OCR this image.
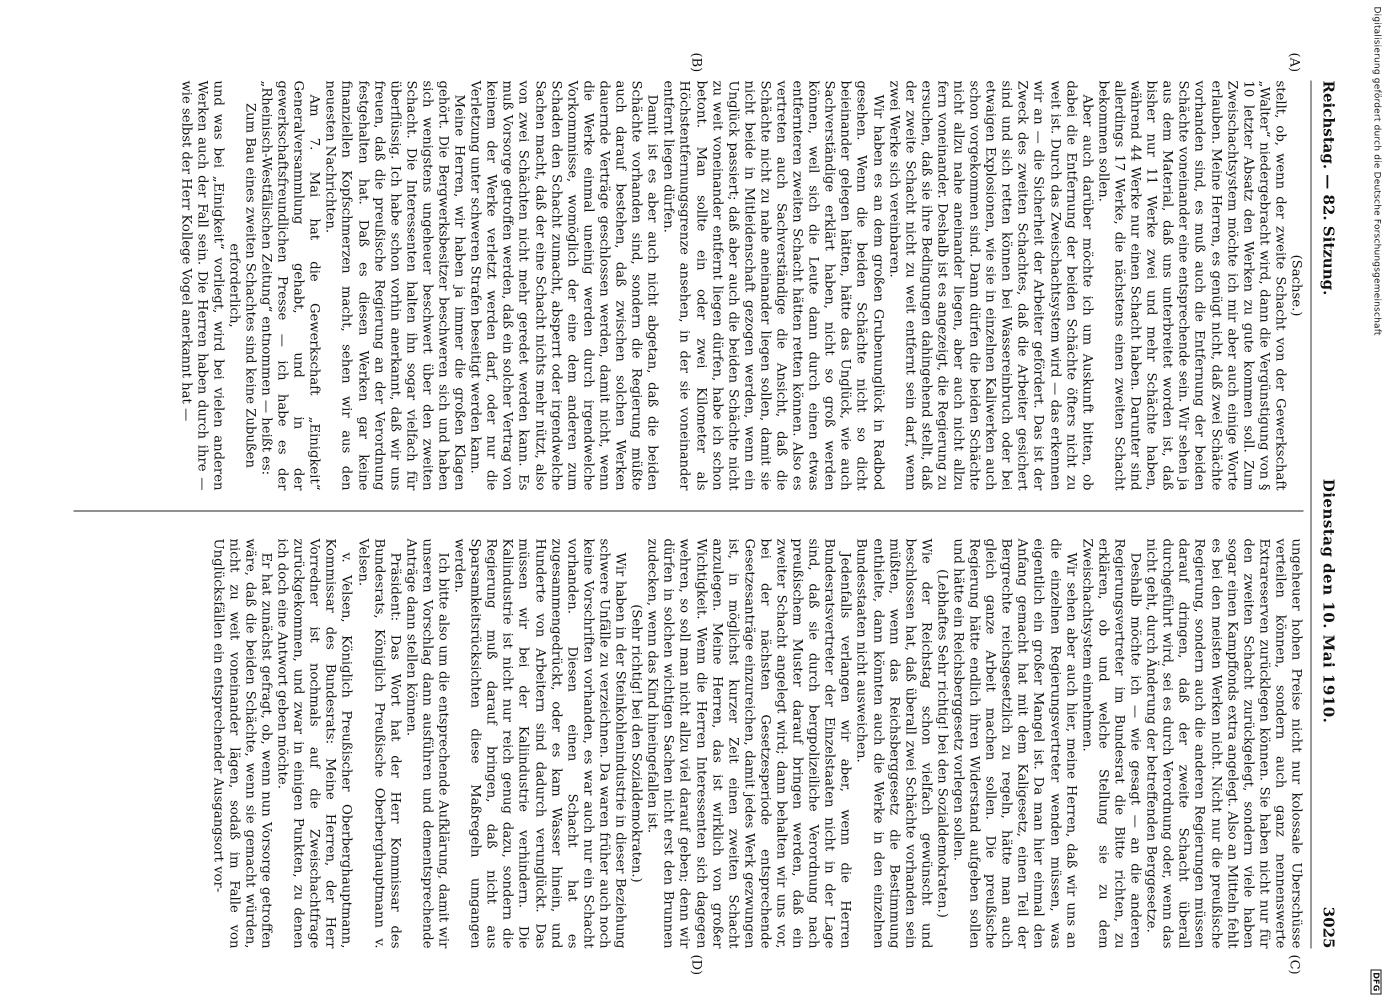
Digitalisierung gefördert durch die Deutsche Forschungsgemeinschaft
DFG
Reichstag. — 82. Sitzung.
Dienstag den 10. Mai 1910.
3025
(A)
(B)
(C)
(D)

(Sachse.)

stellt, ob, wenn der zweite Schacht von der Gewerkschaft „Walter“ niedergebracht wird, dann die Vergünstigung von § 10 letzter Absatz den Werken zu gute kommen soll. Zum Zweischachtsystem möchte ich mir aber auch einige Worte erlauben. Meine Herren, es genügt nicht, daß zwei Schächte vorhanden sind, es muß auch die Entfernung der beiden Schächte voneinander eine entsprechende sein. Wir sehen ja aus dem Material, daß uns unterbreitet worden ist, daß bisher nur 11 Werke zwei und mehr Schächte haben, während 44 Werke nur einen Schacht haben. Darunter sind allerdings 17 Werke, die nächstens einen zweiten Schacht bekommen sollen.

Aber auch darüber möchte ich um Auskunft bitten, ob dabei die Entfernung der beiden Schächte öfters nicht zu weit ist. Durch das Zweischachtsystem wird — das erkennen wir an — die Sicherheit der Arbeiter gefördert. Das ist der Zweck des zweiten Schachtes, daß die Arbeiter gesichert sind und sich retten können bei Wassereinbruch oder bei etwaigen Explosionen, wie sie in einzelnen Kaliwerken auch schon vorgekommen sind. Dann dürfen die beiden Schächte nicht allzu nahe aneinander liegen, aber auch nicht allzu fern voneinander. Deshalb ist es angezeigt, die Regierung zu ersuchen, daß sie ihre Bedingungen dahingehend stellt, daß der zweite Schacht nicht zu weit entfernt sein darf, wenn zwei Werke sich vereinbaren.

Wir haben es an dem großen Grubenunglück in Radbod gesehen. Wenn die beiden Schächte nicht so dicht beieinander gelegen hätten, hätte das Unglück, wie auch Sachverständige erklärt haben, nicht so groß werden können, weil sich die Leute dann durch einen etwas entfernteren zweiten Schacht hätten retten können. Also es vertreten auch Sachverständige die Ansicht, daß die Schächte nicht zu nahe aneinander liegen sollen, damit sie nicht beide in Mitleidenschaft gezogen werden, wenn ein Unglück passiert; daß aber auch die beiden Schächte nicht zu weit voneinander entfernt liegen dürfen, habe ich schon betont. Man sollte ein oder zwei Kilometer als Höchstentfernungsgrenze ansehen, in der sie voneinander entfernt liegen dürfen.

Damit ist es aber auch nicht abgetan, daß die beiden Schächte vorhanden sind, sondern die Regierung müßte auch darauf bestehen, daß zwischen solchen Werken dauernde Verträge geschlossen werden, damit nicht, wenn die Werke einmal uneinig werden durch irgendwelche Vorkommnisse, womöglich der eine dem anderen zum Schaden den Schacht zumacht, absperrt oder irgendwelche Sachen macht, daß der eine Schacht nichts mehr nützt, also von zwei Schächten nicht mehr geredet werden kann. Es muß Vorsorge getroffen werden, daß ein solcher Vertrag von keinem der Werke verletzt werden darf, oder nur die Verletzung unter schweren Strafen beseitigt werden kann.

Meine Herren, wir haben ja immer die großen Klagen gehört. Die Bergwerksbesitzer beschweren sich und haben sich wenigstens ungeheuer beschwert über den zweiten Schacht. Die Interessenten halten ihn sogar vielfach für überflüssig. Ich habe schon vorhin anerkannt, daß wir uns freuen, daß die preußische Regierung an der Verordnung festgehalten hat. Daß es diesen Werken gar keine finanziellen Kopfschmerzen macht, sehen wir aus den neuesten Nachrichten.

Am 7. Mai hat die Gewerkschaft „Einigkeit“ Generalversammlung gehabt, und in der gewerkschaftsfreundlichen Presse — ich habe es der „Rheinisch-Westfälischen Zeitung“ entnommen — heißt es:

Zum Bau eines zweiten Schachtes sind keine Zubußen erforderlich,

und was bei „Einigkeit“ vorliegt, wird bei vielen anderen Werken auch der Fall sein. Die Herren haben durch ihre — wie selbst der Herr Kollege Vogel anerkannt hat —

ungeheuer hohen Preise nicht nur kolossale Überschüsse verteilen können, sondern auch ganz nennenswerte Extrareserven zurücklegen können. Sie haben nicht nur für den zweiten Schacht zurückgelegt, sondern viele haben sogar einen Kampffonds extra angelegt. Also an Mitteln fehlt es bei den meisten Werken nicht. Nicht nur die preußische Regierung, sondern auch die anderen Regierungen müssen darauf dringen, daß der zweite Schacht überall durchgeführt wird, sei es durch Verordnung oder, wenn das nicht geht, durch Änderung der betreffenden Berggesetze.

Deshalb möchte ich — wie gesagt — an die anderen Regierungsvertreter im Bundesrat die Bitte richten, zu erklären, ob und welche Stellung sie zu dem Zweischachtsystem einnehmen.

Wir sehen aber auch hier, meine Herren, daß wir uns an die einzelnen Regierungsvertreter wenden müssen, was eigentlich ein großer Mangel ist. Da man hier einmal den Anfang gemacht hat mit dem Kaligesetz, einen Teil der Bergrechte reichsgesetzlich zu regeln, hätte man auch gleich ganze Arbeit machen sollen. Die preußische Regierung hätte endlich ihren Widerstand aufgeben sollen und hätte ein Reichsberggesetz vorlegen sollen.

(Lebhaftes Sehr richtig! bei den Sozialdemokraten.)

Wie der Reichstag schon vielfach gewünscht und beschlossen hat, daß überall zwei Schächte vorhanden sein müßten, wenn das Reichsberggesetz die Bestimmung enthielte, dann könnten auch die Werke in den einzelnen Bundesstaaten nicht ausweichen.

Jedenfalls verlangen wir aber, wenn die Herren Bundesratsvertreter der Einzelstaaten nicht in der Lage sind, daß sie durch bergpolizeiliche Verordnung nach preußischem Muster darauf bringen werden, daß ein zweiter Schacht angelegt wird; dann behalten wir uns vor, bei der nächsten Gesetzesperiode entsprechende Gesetzesanträge einzureichen, damit jedes Werk gezwungen ist, in möglichst kurzer Zeit einen zweiten Schacht anzulegen. Meine Herren, das ist wirklich von großer Wichtigkeit. Wenn die Herren Interessenten sich dagegen wehren, so soll man nicht allzu viel darauf geben; denn wir dürfen in solchen wichtigen Sachen nicht erst den Brunnen zudecken, wenn das Kind hineingefallen ist.

(Sehr richtig! bei den Sozialdemokraten.)

Wir haben in der Steinkohlenindustrie in dieser Beziehung schwere Unfälle zu verzeichnen. Da waren früher auch noch keine Vorschriften vorhanden, es war auch nur ein Schacht vorhanden. Diesen einen Schacht hat es zugesammengedrückt, oder es kam Wasser hinein, und Hunderte von Arbeitern sind dadurch verunglückt. Das müssen wir bei der Kaliindustrie verhindern. Die Kaliindustrie ist nicht nur reich genug dazu, sondern die Regierung muß darauf bringen, daß nicht aus Sparsamkeitsrücksichten diese Maßregeln umgangen werden.

Ich bitte also um die entsprechende Aufklärung, damit wir unseren Vorschlag dann ausführen und dementsprechende Anträge dann stellen können.

Präsident: Das Wort hat der Herr Kommissar des Bundesrats, Königlich Preußische Oberberghauptmann v. Velsen.

v. Velsen, Königlich Preußischer Oberberghauptmann, Kommissar des Bundesrats: Meine Herren, der Herr Vorredner ist nochmals auf die Zweischachtfrage zurückgekommen, und zwar in einigen Punkten, zu denen ich doch eine Antwort geben möchte.

Er hat zunächst gefragt, ob, wenn nun Vorsorge getroffen wäre, daß die beiden Schächte, wenn sie gemacht würden, nicht zu weit voneinander lägen, sodaß im Falle von Unglücksfällen ein entsprechender Ausgangsort vor-
